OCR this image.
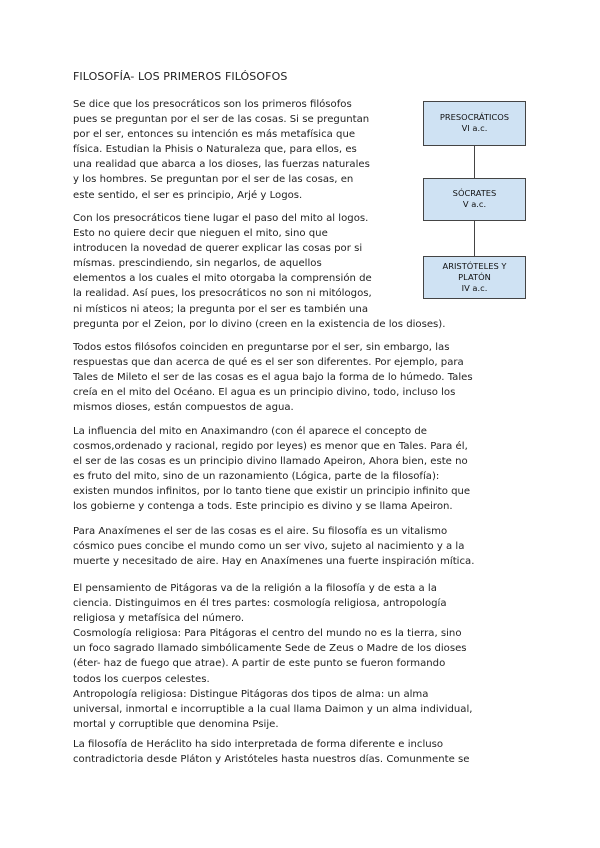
FILOSOFÍA- LOS PRIMEROS FILÓSOFOS
PRESOCRÁTICOS
VI a.c.
SÓCRATES
V a.c.
ARISTÓTELES Y
PLATÓN
IV a.c.
Se dice que los presocráticos son los primeros filósofos
pues se preguntan por el ser de las cosas. Si se preguntan
por el ser, entonces su intención es más metafísica que
física. Estudian la Phisis o Naturaleza que, para ellos, es
una realidad que abarca a los dioses, las fuerzas naturales
y los hombres. Se preguntan por el ser de las cosas, en
este sentido, el ser es principio, Arjé y Logos.
Con los presocráticos tiene lugar el paso del mito al logos.
Esto no quiere decir que nieguen el mito, sino que
introducen la novedad de querer explicar las cosas por si
mísmas. prescindiendo, sin negarlos, de aquellos
elementos a los cuales el mito otorgaba la comprensión de
la realidad. Así pues, los presocráticos no son ni mitólogos,
ni místicos ni ateos; la pregunta por el ser es también una
pregunta por el Zeion, por lo divino (creen en la existencia de los dioses).
Todos estos filósofos coinciden en preguntarse por el ser, sin embargo, las
respuestas que dan acerca de qué es el ser son diferentes. Por ejemplo, para
Tales de Mileto el ser de las cosas es el agua bajo la forma de lo húmedo. Tales
creía en el mito del Océano. El agua es un principio divino, todo, incluso los
mismos dioses, están compuestos de agua.
La influencia del mito en Anaximandro (con él aparece el concepto de
cosmos,ordenado y racional, regido por leyes) es menor que en Tales. Para él,
el ser de las cosas es un principio divino llamado Apeiron, Ahora bien, este no
es fruto del mito, sino de un razonamiento (Lógica, parte de la filosofía):
existen mundos infinitos, por lo tanto tiene que existir un principio infinito que
los gobierne y contenga a tods. Este principio es divino y se llama Apeiron.
Para Anaxímenes el ser de las cosas es el aire. Su filosofía es un vitalismo
cósmico pues concibe el mundo como un ser vivo, sujeto al nacimiento y a la
muerte y necesitado de aire. Hay en Anaxímenes una fuerte inspiración mítica.
El pensamiento de Pitágoras va de la religión a la filosofía y de esta a la
ciencia. Distinguimos en él tres partes: cosmología religiosa, antropología
religiosa y metafísica del número.
Cosmología religiosa: Para Pitágoras el centro del mundo no es la tierra, sino
un foco sagrado llamado simbólicamente Sede de Zeus o Madre de los dioses
(éter- haz de fuego que atrae). A partir de este punto se fueron formando
todos los cuerpos celestes.
Antropología religiosa: Distingue Pitágoras dos tipos de alma: un alma
universal, inmortal e incorruptible a la cual llama Daimon y un alma individual,
mortal y corruptible que denomina Psije.
La filosofía de Heráclito ha sido interpretada de forma diferente e incluso
contradictoria desde Pláton y Aristóteles hasta nuestros días. Comunmente se
